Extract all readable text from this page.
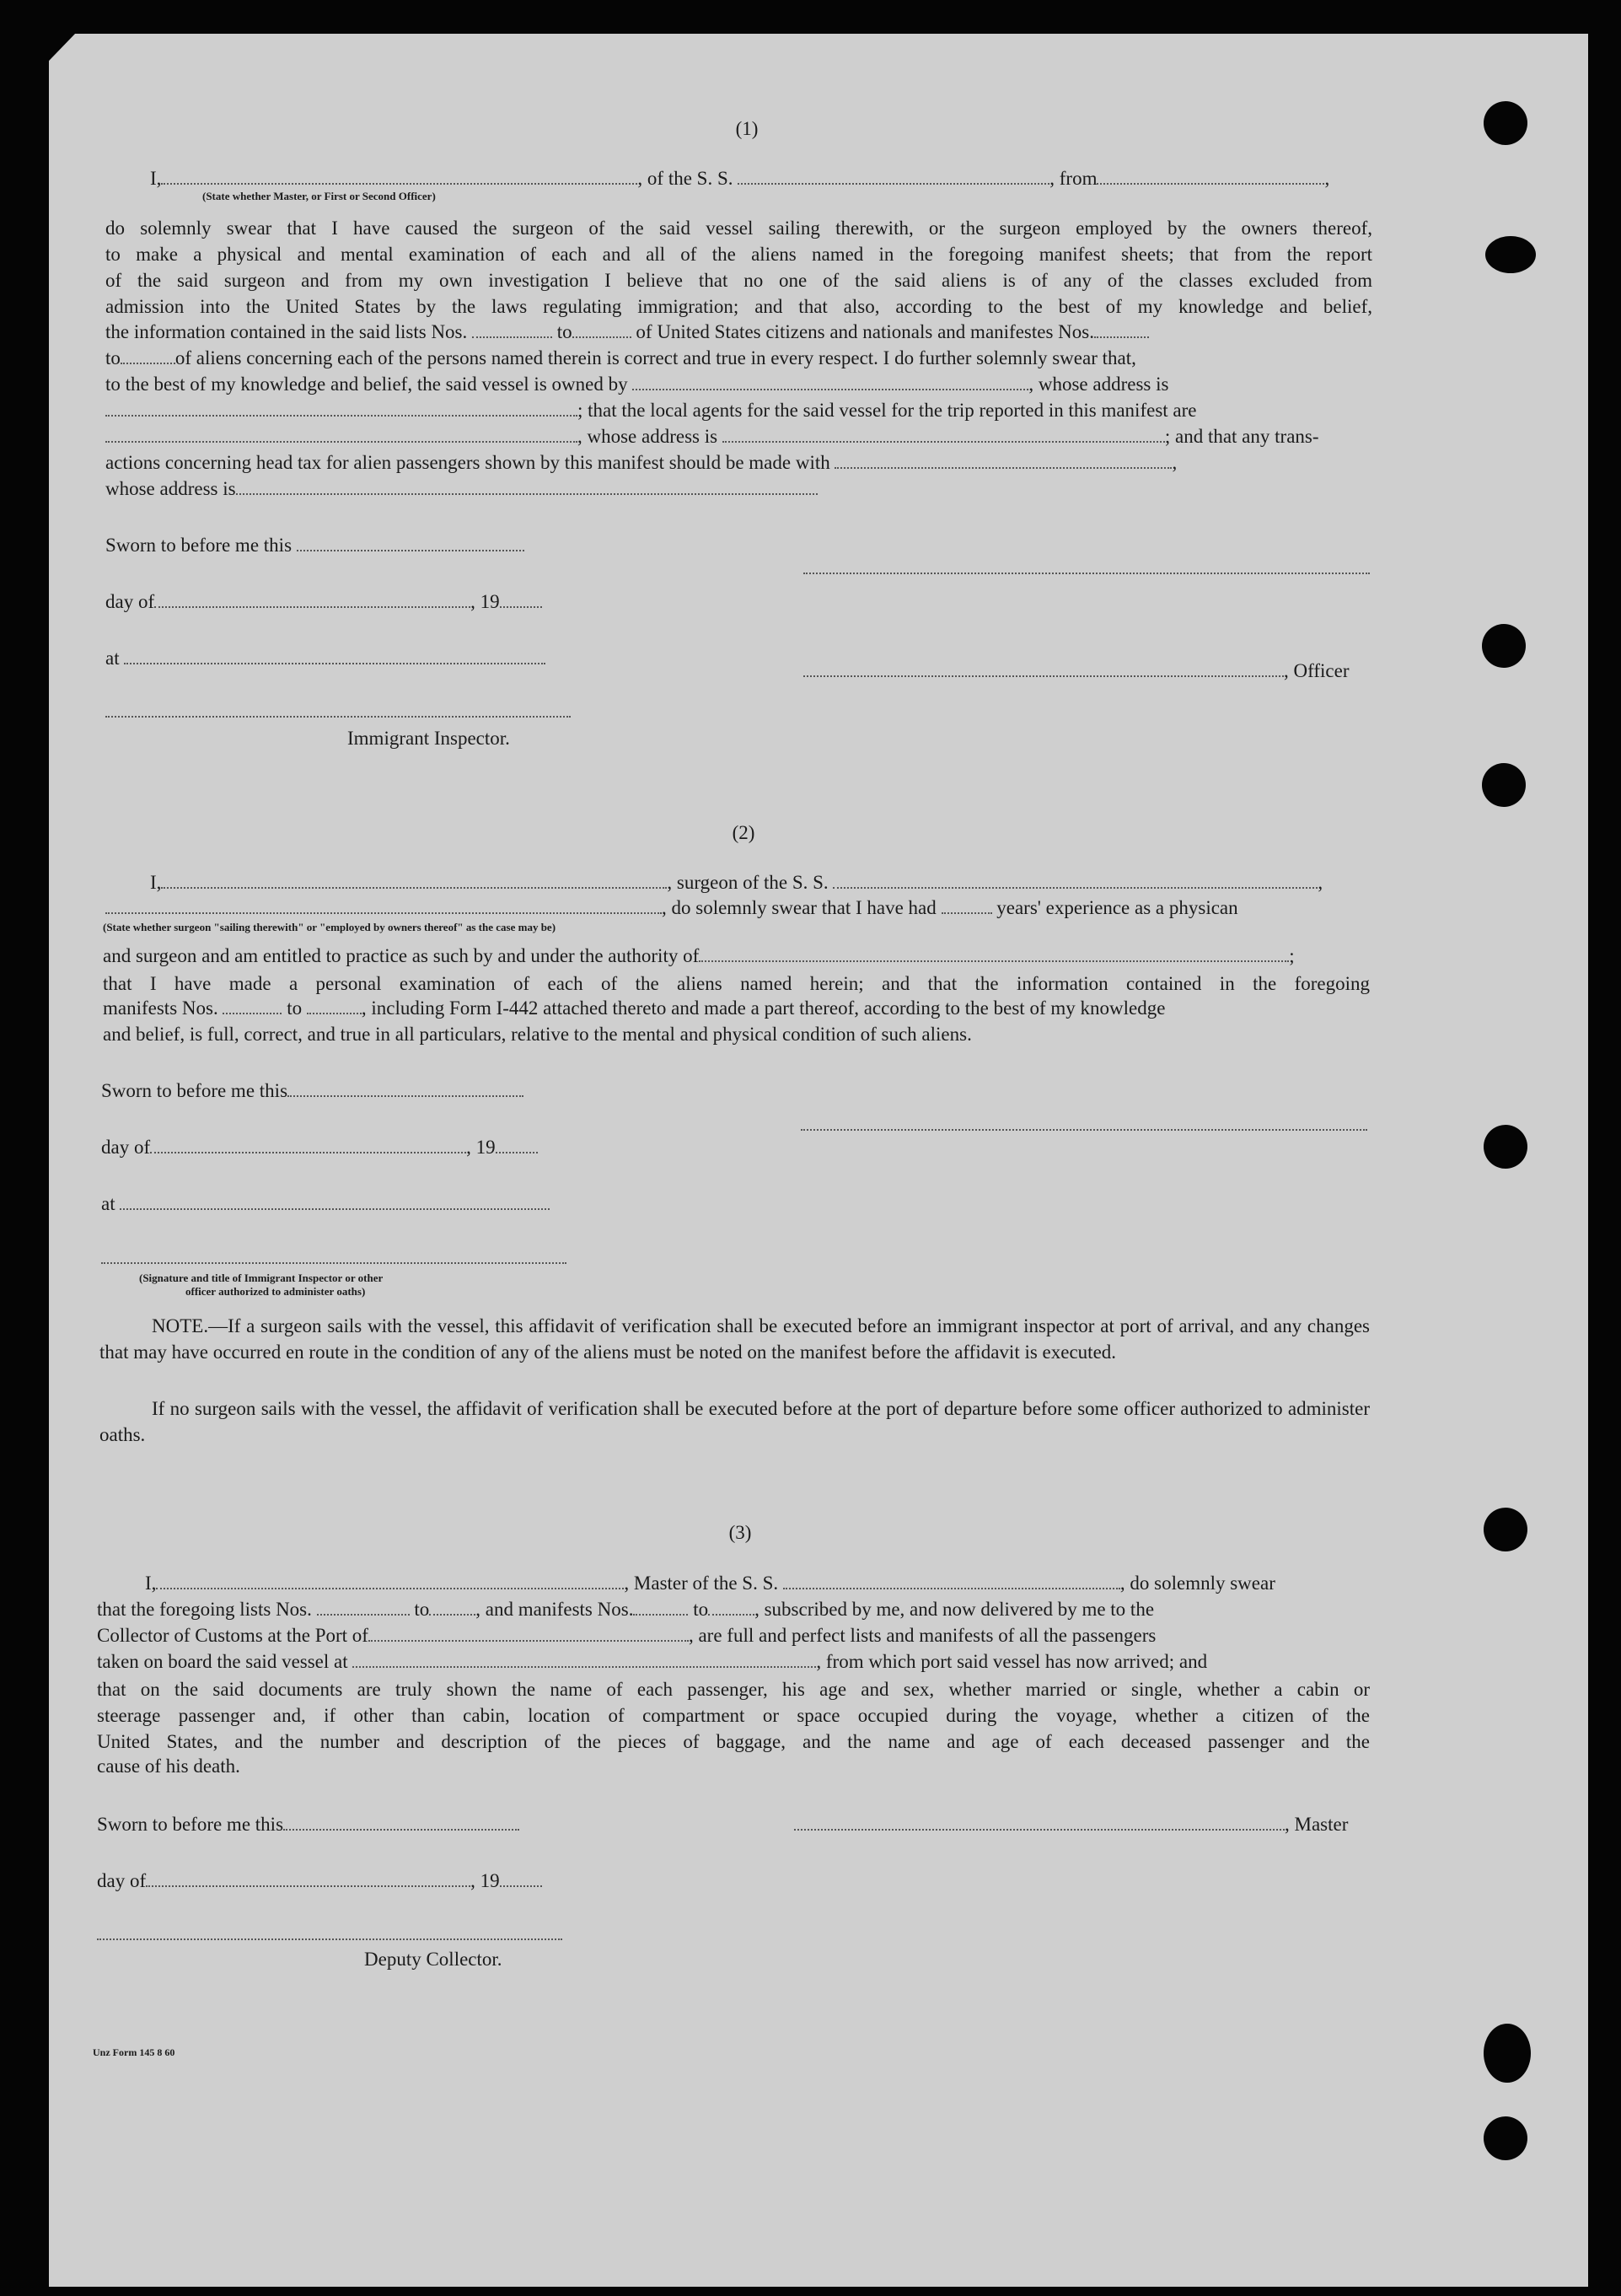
(1)
I,	, of the S. S.	, from	,
(State whether Master, or First or Second Officer)
do solemnly swear that I have caused the surgeon of the said vessel sailing therewith, or the surgeon employed by the owners thereof,
to make a physical and mental examination of each and all of the aliens named in the foregoing manifest sheets; that from the report
of the said surgeon and from my own investigation I believe that no one of the said aliens is of any of the classes excluded from
admission into the United States by the laws regulating immigration; and that also, according to the best of my knowledge and belief,
the information contained in the said lists Nos.	to	of United States citizens and nationals and manifestes Nos.
to	of aliens concerning each of the persons named therein is correct and true in every respect. I do further solemnly swear that,
to the best of my knowledge and belief, the said vessel is owned by	, whose address is
; that the local agents for the said vessel for the trip reported in this manifest are
, whose address is	; and that any trans-
actions concerning head tax for alien passengers shown by this manifest should be made with	,
whose address is
Sworn to before me this
day of	, 19
at
, Officer
Immigrant Inspector.
(2)
I,	, surgeon of the S. S.	,
, do solemnly swear that I have had	years' experience as a physican
(State whether surgeon "sailing therewith" or "employed by owners thereof" as the case may be)
and surgeon and am entitled to practice as such by and under the authority of	;
that I have made a personal examination of each of the aliens named herein; and that the information contained in the foregoing
manifests Nos.	to	, including Form I-442 attached thereto and made a part thereof, according to the best of my knowledge
and belief, is full, correct, and true in all particulars, relative to the mental and physical condition of such aliens.
Sworn to before me this
day of	, 19
at
(Signature and title of Immigrant Inspector or other
officer authorized to administer oaths)
NOTE.—If a surgeon sails with the vessel, this affidavit of verification shall be executed before an immigrant inspector at port of arrival, and any changes that may have occurred en route in the condition of any of the aliens must be noted on the manifest before the affidavit is executed.
If no surgeon sails with the vessel, the affidavit of verification shall be executed before at the port of departure before some officer authorized to administer oaths.
(3)
I,	, Master of the S. S.	, do solemnly swear
that the foregoing lists Nos.	to , and manifests Nos.	to , subscribed by me, and now delivered by me to the
Collector of Customs at the Port of	, are full and perfect lists and manifests of all the passengers
taken on board the said vessel at	, from which port said vessel has now arrived; and
that on the said documents are truly shown the name of each passenger, his age and sex, whether married or single, whether a cabin or
steerage passenger and, if other than cabin, location of compartment or space occupied during the voyage, whether a citizen of the
United States, and the number and description of the pieces of baggage, and the name and age of each deceased passenger and the
cause of his death.
Sworn to before me this	, Master
day of	, 19
Deputy Collector.
Unz Form 145 8 60
